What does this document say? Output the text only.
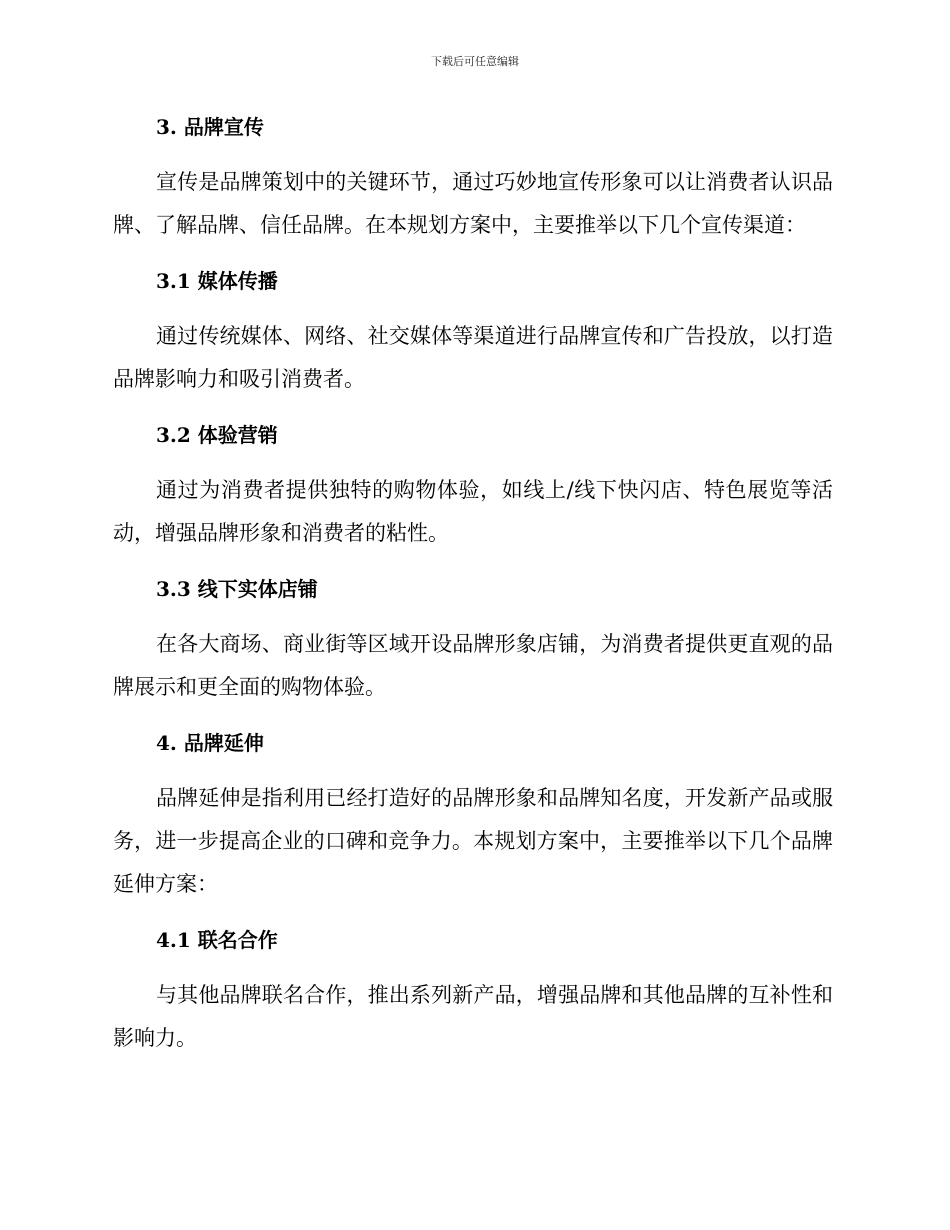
下载后可任意编辑
3. 品牌宣传

宣传是品牌策划中的关键环节，通过巧妙地宣传形象可以让消费者认识品牌、了解品牌、信任品牌。在本规划方案中，主要推举以下几个宣传渠道：

3.1 媒体传播

通过传统媒体、网络、社交媒体等渠道进行品牌宣传和广告投放，以打造品牌影响力和吸引消费者。

3.2 体验营销

通过为消费者提供独特的购物体验，如线上/线下快闪店、特色展览等活动，增强品牌形象和消费者的粘性。

3.3 线下实体店铺

在各大商场、商业街等区域开设品牌形象店铺，为消费者提供更直观的品牌展示和更全面的购物体验。

4. 品牌延伸

品牌延伸是指利用已经打造好的品牌形象和品牌知名度，开发新产品或服务，进一步提高企业的口碑和竞争力。本规划方案中，主要推举以下几个品牌延伸方案：

4.1 联名合作

与其他品牌联名合作，推出系列新产品，增强品牌和其他品牌的互补性和影响力。
